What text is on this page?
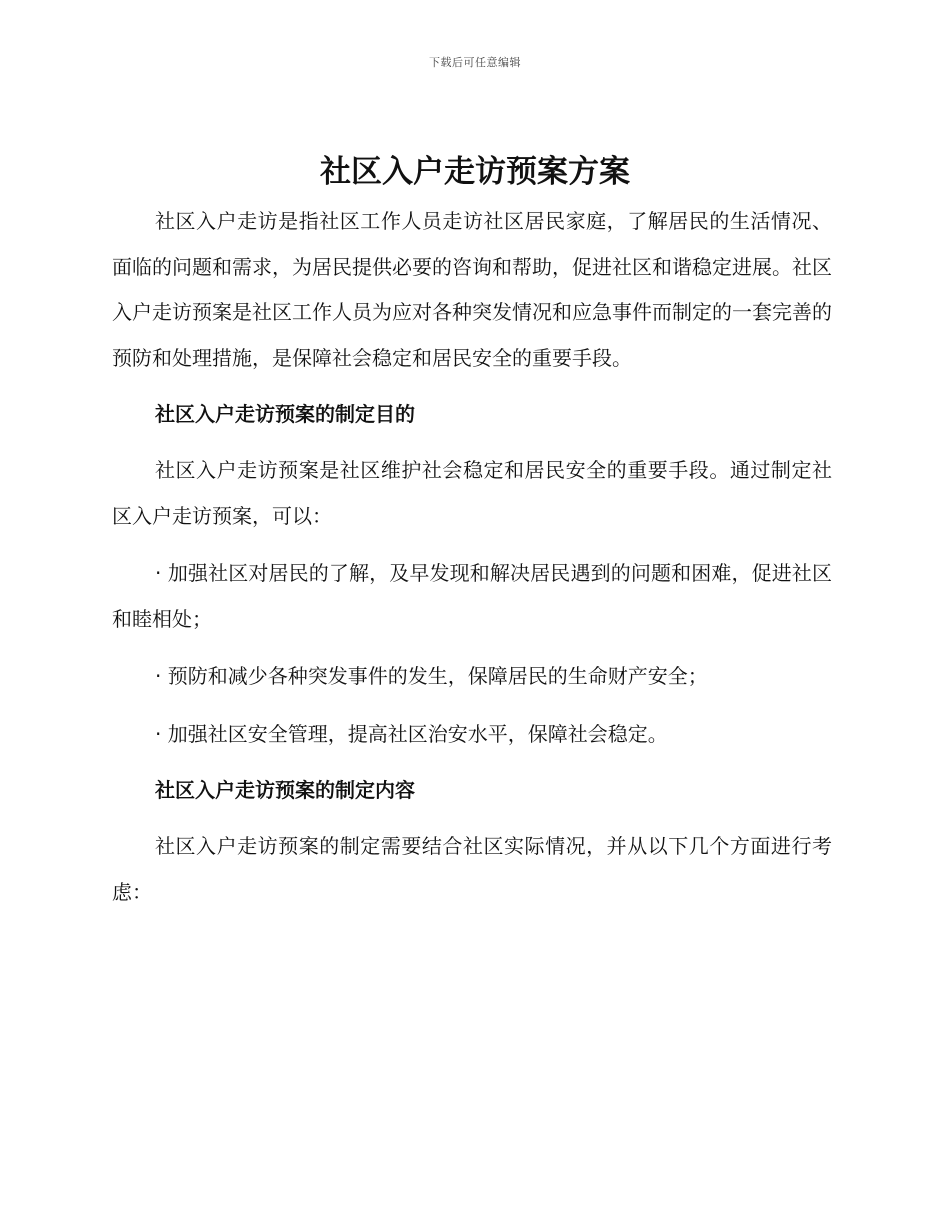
下载后可任意编辑
社区入户走访预案方案

社区入户走访是指社区工作人员走访社区居民家庭，了解居民的生活情况、面临的问题和需求，为居民提供必要的咨询和帮助，促进社区和谐稳定进展。社区入户走访预案是社区工作人员为应对各种突发情况和应急事件而制定的一套完善的预防和处理措施，是保障社会稳定和居民安全的重要手段。

社区入户走访预案的制定目的

社区入户走访预案是社区维护社会稳定和居民安全的重要手段。通过制定社区入户走访预案，可以：

· 加强社区对居民的了解，及早发现和解决居民遇到的问题和困难，促进社区和睦相处；

· 预防和减少各种突发事件的发生，保障居民的生命财产安全；

· 加强社区安全管理，提高社区治安水平，保障社会稳定。

社区入户走访预案的制定内容

社区入户走访预案的制定需要结合社区实际情况，并从以下几个方面进行考虑：
